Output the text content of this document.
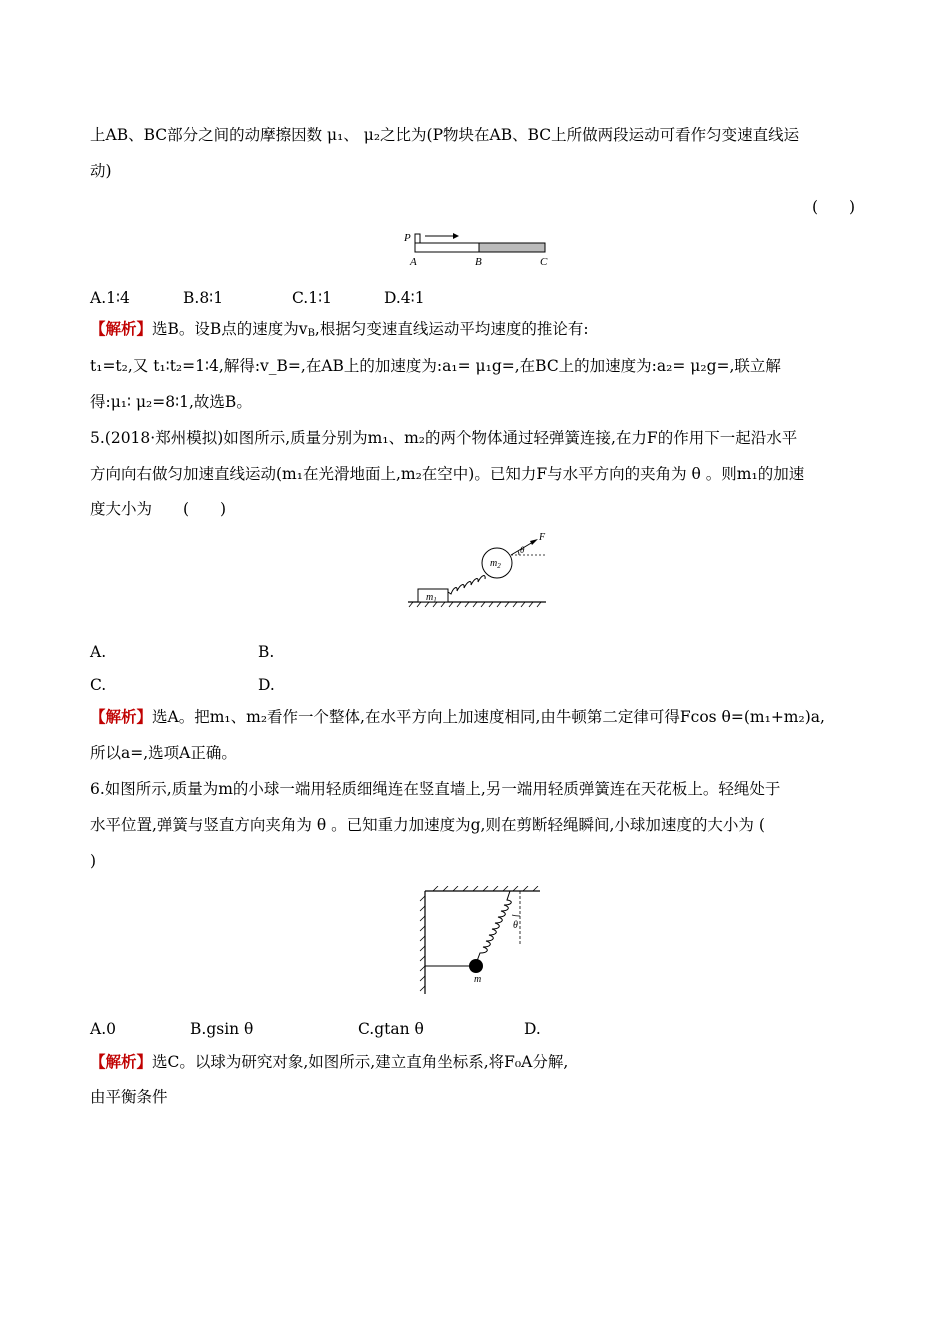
上AB、BC部分之间的动摩擦因数 μ₁、 μ₂之比为(P物块在AB、BC上所做两段运动可看作匀变速直线运
动)
(　　)
P
A	B	C
A.1∶4	B.8∶1	C.1∶1	D.4∶1
【解析】选B。设B点的速度为$v_B$,根据匀变速直线运动平均速度的推论有:
t₁=t₂,又 t₁∶t₂=1∶4,解得:v_B=,在AB上的加速度为:a₁= μ₁g=,在BC上的加速度为:a₂= μ₂g=,联立解
得:μ₁∶ μ₂=8∶1,故选B。
5.(2018·郑州模拟)如图所示,质量分别为m₁、m₂的两个物体通过轻弹簧连接,在力F的作用下一起沿水平
方向向右做匀加速直线运动(m₁在光滑地面上,m₂在空中)。已知力F与水平方向的夹角为 θ 。则m₁的加速
度大小为　　(　　)
$m_1$
$m_2$
F
θ
A.	B.
C.	D.
【解析】选A。把m₁、m₂看作一个整体,在水平方向上加速度相同,由牛顿第二定律可得Fcos θ=(m₁+m₂)a,
所以a=,选项A正确。
6.如图所示,质量为m的小球一端用轻质细绳连在竖直墙上,另一端用轻质弹簧连在天花板上。轻绳处于
水平位置,弹簧与竖直方向夹角为 θ 。已知重力加速度为g,则在剪断轻绳瞬间,小球加速度的大小为 (
)
θ
m
A.0	B.gsin θ	C.gtan θ	D.
【解析】选C。以球为研究对象,如图所示,建立直角坐标系,将F₀A分解,
由平衡条件
